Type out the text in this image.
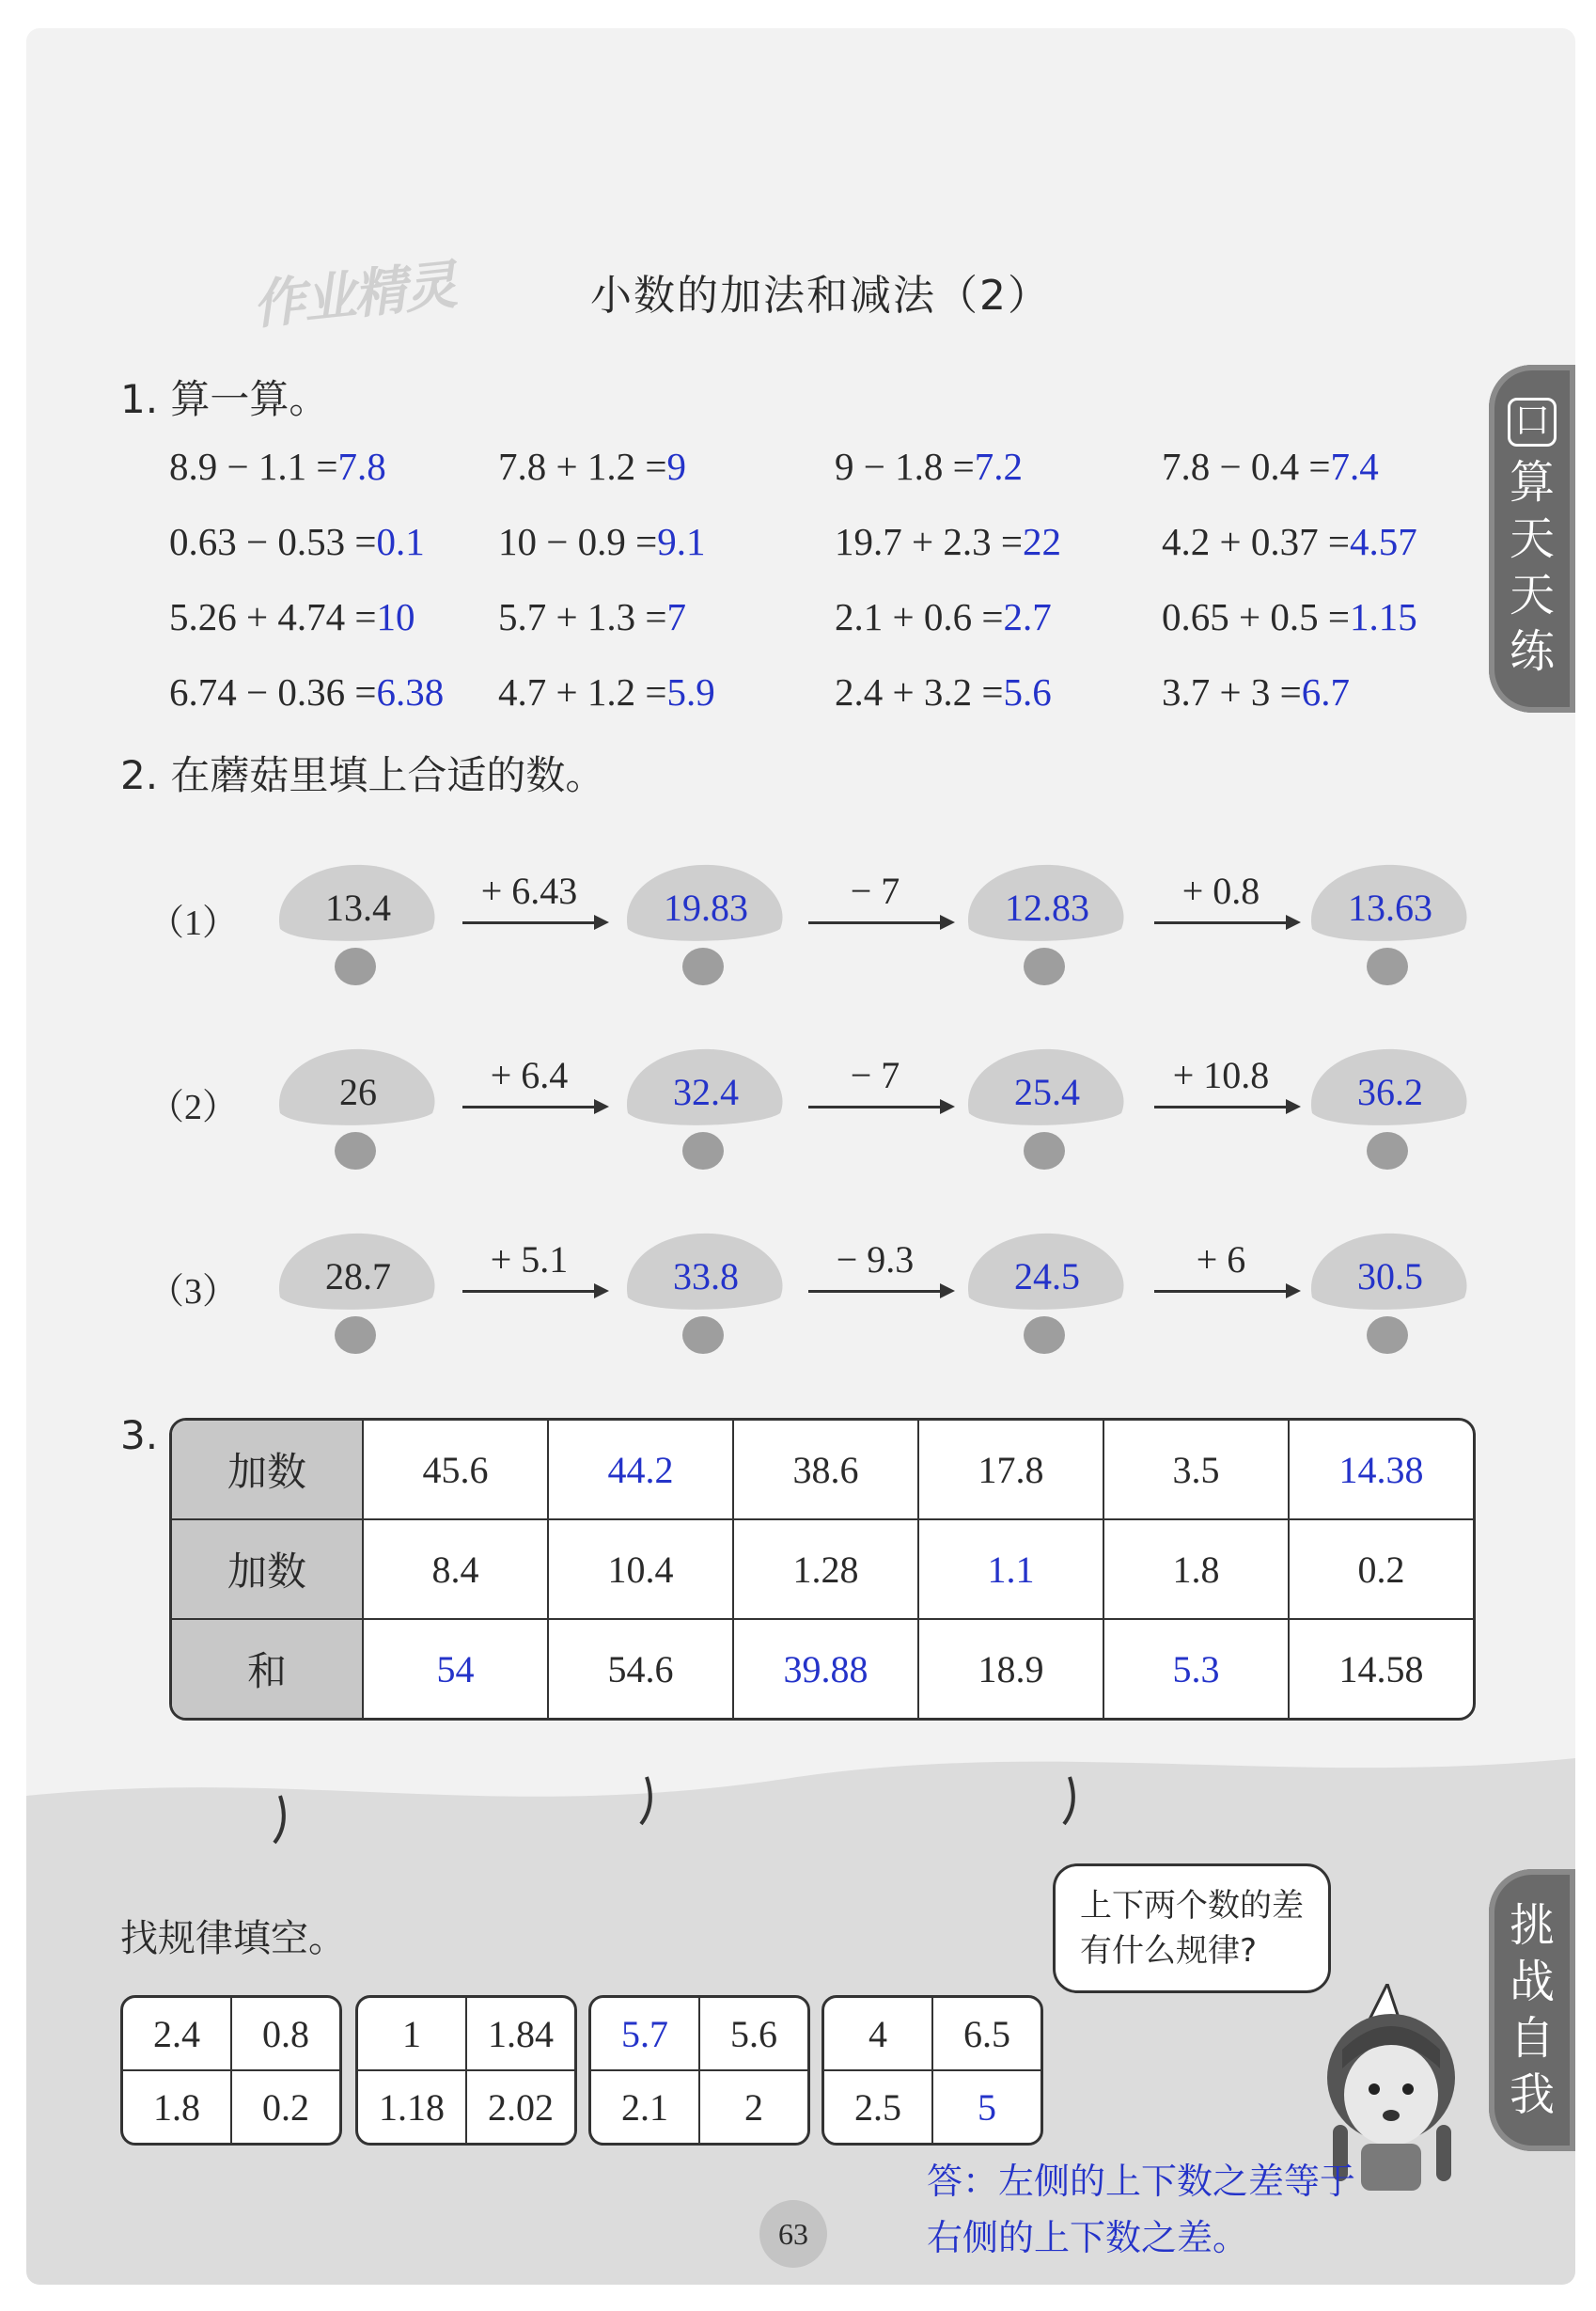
作业精灵	小数的加法和减法（2）
口
算
天
天
练
1. 算一算。
8.9 − 1.1 =7.8	7.8 + 1.2 =9	9 − 1.8 =7.2	7.8 − 0.4 =7.4
0.63 − 0.53 =0.1 10 − 0.9 =9.1	19.7 + 2.3 =22	4.2 + 0.37 =4.57
5.26 + 4.74 =10 5.7 + 1.3 =7	2.1 + 0.6 =2.7	0.65 + 0.5 =1.15
6.74 − 0.36 =6.38 4.7 + 1.2 =5.9	2.4 + 3.2 =5.6	3.7 + 3 =6.7
2. 在蘑菇里填上合适的数。
（1）	13.4	19.83	12.83	13.63
+ 6.43	− 7	+ 0.8
（2）	26	32.4	25.4	36.2
+ 6.4	− 7	+ 10.8
（3）	28.7	33.8	24.5	30.5
+ 5.1	− 9.3	+ 6
3.
加数	45.6	44.2	38.6	17.8	3.5	14.38
加数	8.4	10.4	1.28	1.1	1.8	0.2
和	54	54.6	39.88	18.9	5.3	14.58
挑
战
自
我
找规律填空。
上下两个数的差
有什么规律?
2.4	0.8
1.8	0.2
1	1.84
1.18	2.02
5.7	5.6
2.1	2
4	6.5
2.5	5
答：左侧的上下数之差等于
右侧的上下数之差。
63
